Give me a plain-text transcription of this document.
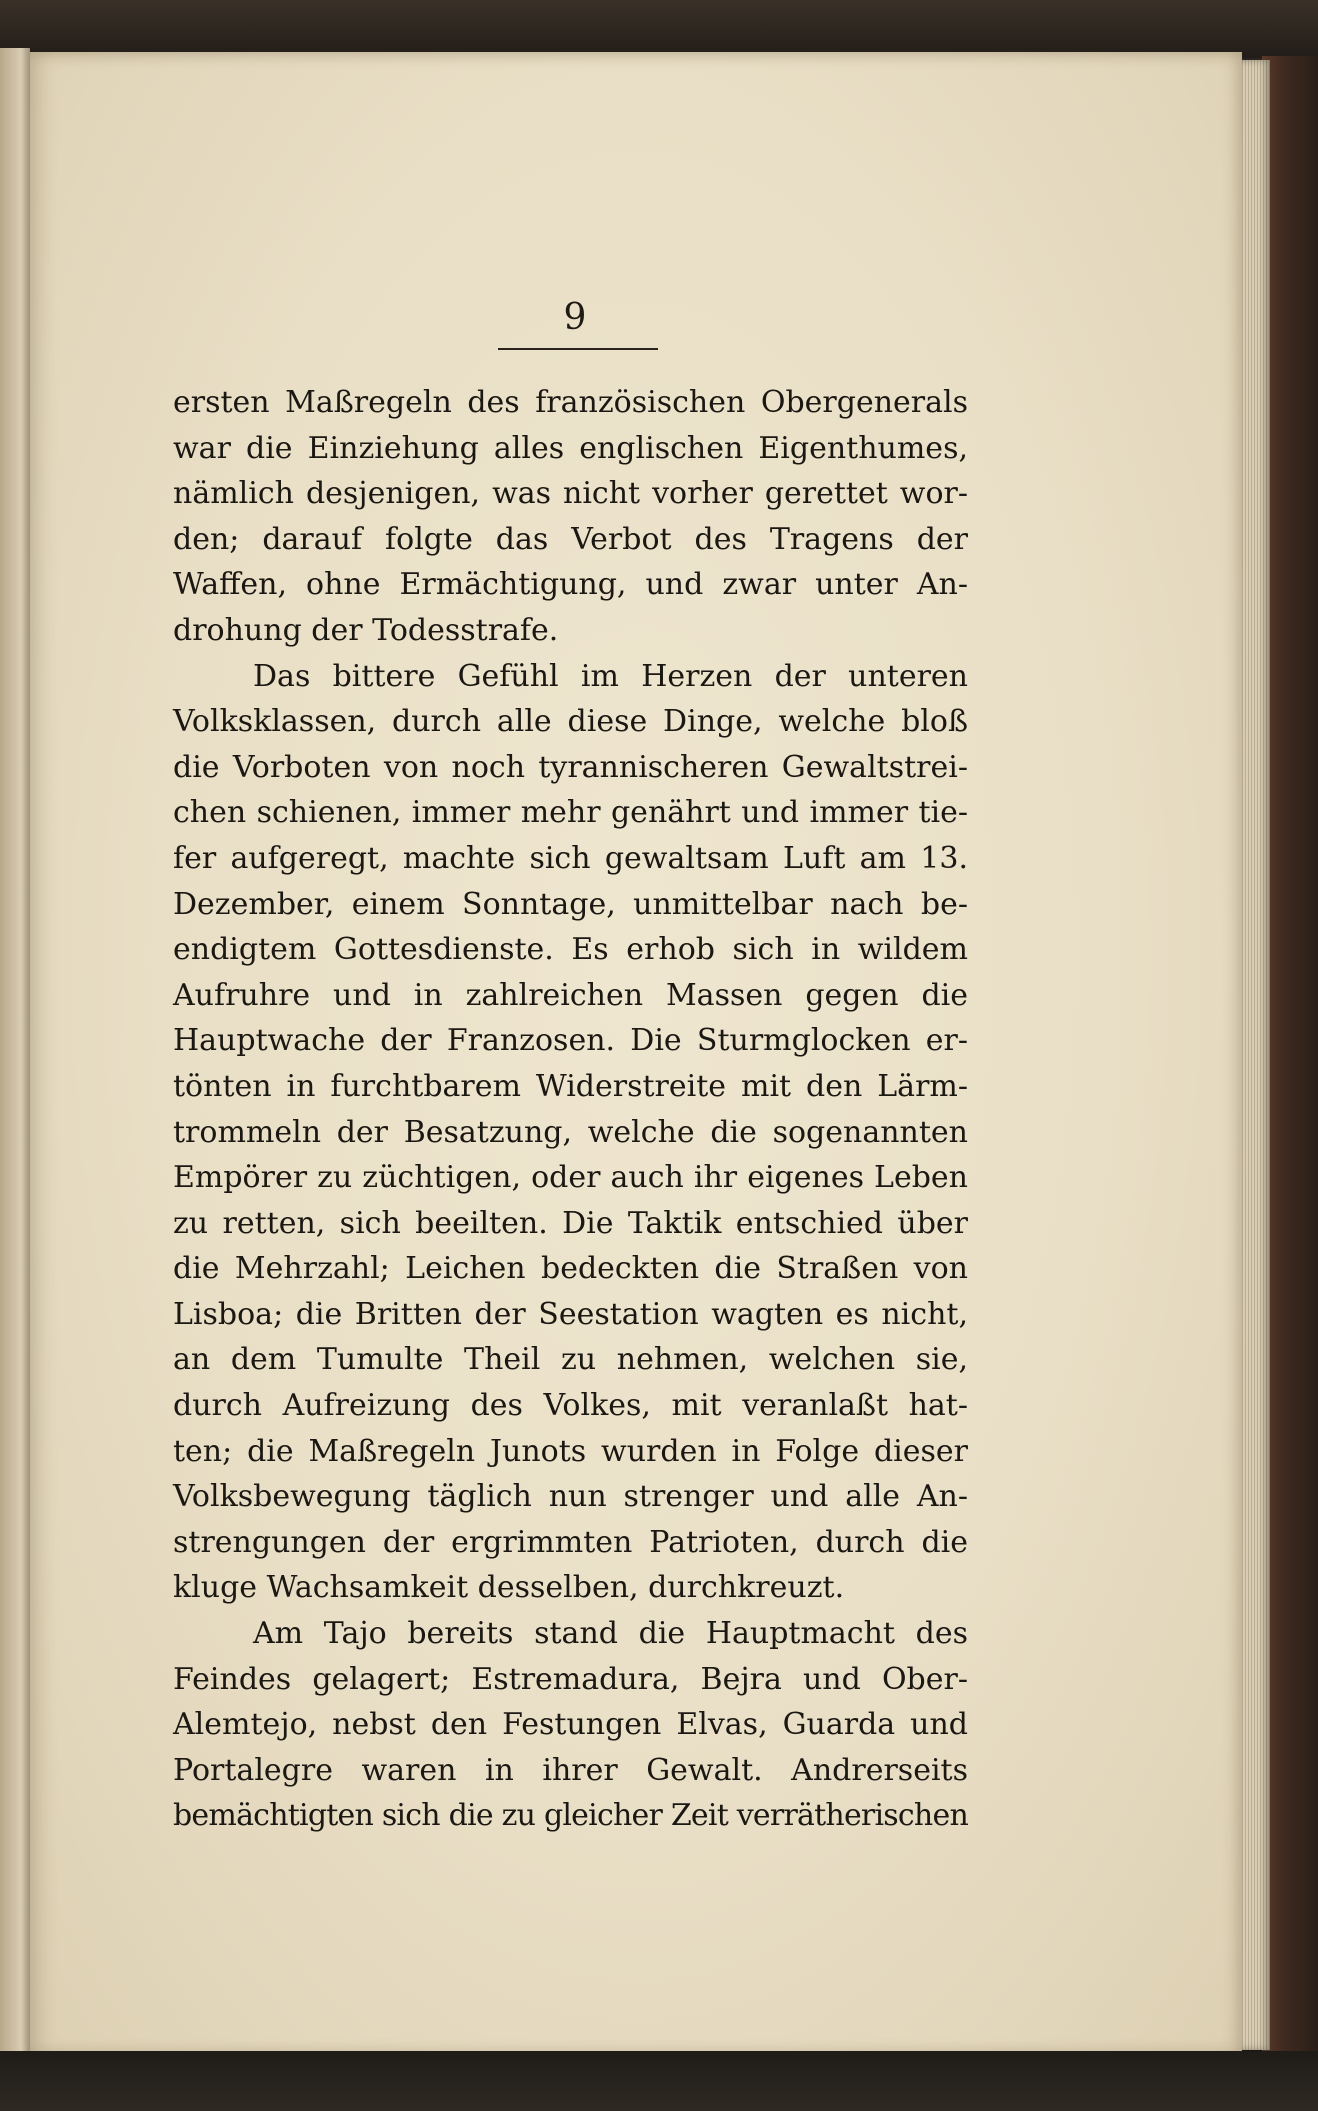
9
ersten Maßregeln des französischen Obergenerals
war die Einziehung alles englischen Eigenthumes,
nämlich desjenigen, was nicht vorher gerettet wor-
den; darauf folgte das Verbot des Tragens der
Waffen, ohne Ermächtigung, und zwar unter An-
drohung der Todesstrafe.
Das bittere Gefühl im Herzen der unteren
Volksklassen, durch alle diese Dinge, welche bloß
die Vorboten von noch tyrannischeren Gewaltstrei-
chen schienen, immer mehr genährt und immer tie-
fer aufgeregt, machte sich gewaltsam Luft am 13.
Dezember, einem Sonntage, unmittelbar nach be-
endigtem Gottesdienste. Es erhob sich in wildem
Aufruhre und in zahlreichen Massen gegen die
Hauptwache der Franzosen. Die Sturmglocken er-
tönten in furchtbarem Widerstreite mit den Lärm-
trommeln der Besatzung, welche die sogenannten
Empörer zu züchtigen, oder auch ihr eigenes Leben
zu retten, sich beeilten. Die Taktik entschied über
die Mehrzahl; Leichen bedeckten die Straßen von
Lisboa; die Britten der Seestation wagten es nicht,
an dem Tumulte Theil zu nehmen, welchen sie,
durch Aufreizung des Volkes, mit veranlaßt hat-
ten; die Maßregeln Junots wurden in Folge dieser
Volksbewegung täglich nun strenger und alle An-
strengungen der ergrimmten Patrioten, durch die
kluge Wachsamkeit desselben, durchkreuzt.
Am Tajo bereits stand die Hauptmacht des
Feindes gelagert; Estremadura, Bejra und Ober-
Alemtejo, nebst den Festungen Elvas, Guarda und
Portalegre waren in ihrer Gewalt. Andrerseits
bemächtigten sich die zu gleicher Zeit verrätherischen
